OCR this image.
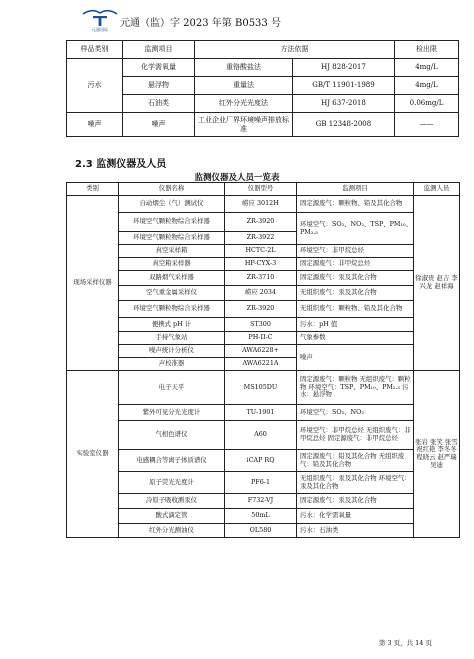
元通国际
元通（监）字 2023 年第 B0533 号
样品类别	监测项目	方法依据		检出限
污水	化学需氧量	重铬酸盐法	HJ 828-2017	4mg/L
	悬浮物	重量法	GB/T 11901-1989	4mg/L
	石油类	红外分光光度法	HJ 637-2018	0.06mg/L
噪声	噪声	工业企业厂界环境噪声排放标准	GB 12348-2008	——
2.3 监测仪器及人员
监测仪器及人员一览表
类别	仪器名称	仪器型号	监测项目	监测人员
现场采样仪器	自动烟尘（气）测试仪	崂应 3012H	固定源废气：颗粒物、铅及其化合物	徐淑贵 赵吉 李兴龙 赵祥海
	环境空气颗粒物综合采样器	ZR-3920	环境空气：SO₂、NO₂、TSP、PM₁₀、PM₂.₅	
	环境空气颗粒物综合采样器	ZR-3922		
	真空采样箱	HCTC-2L	环境空气：非甲烷总烃	
	真空箱采样器	HP-CYX-3	固定源废气：非甲烷总烃	
	双路烟气采样器	ZR-3710	固定源废气：汞及其化合物	
	空气重金属采样仪	崂应 2034	无组织废气：汞及其化合物	
	环境空气颗粒物综合采样器	ZR-3920	无组织废气：颗粒物、铅及其化合物	
	便携式 pH 计	ST300	污水：pH 值	
	手持气象站	PH-II-C	气象参数	
	噪声统计分析仪	AWA6228+	噪声	
	声校准器	AWA6221A		
实验室仪器	电子天平	MS105DU	固定源废气：颗粒物 无组织废气：颗粒物 环境空气：TSP、PM₁₀、PM₂.₅ 污水：悬浮物	张岩 张笑 张雪 祝红艳 李冬冬 程晓云 赵严瑞 吴迪
	紫外可见分光光度计	TU-1901	环境空气：SO₂、NO₂	
	气相色谱仪	A60	环境空气：非甲烷总烃 无组织废气：非甲烷总烃 固定源废气：非甲烷总烃	
	电感耦合等离子体质谱仪	iCAP RQ	固定源废气：铅及其化合物 无组织废气：铅及其化合物	
	原子荧光光度计	PF6-1	无组织废气：汞及其化合物 环境空气：汞及其化合物	
	冷原子吸收测汞仪	F732-VJ	固定源废气：汞及其化合物	
	酸式滴定管	50mL	污水：化学需氧量	
	红外分光测油仪	OL580	污水：石油类	
第 3 页，共 14 页
